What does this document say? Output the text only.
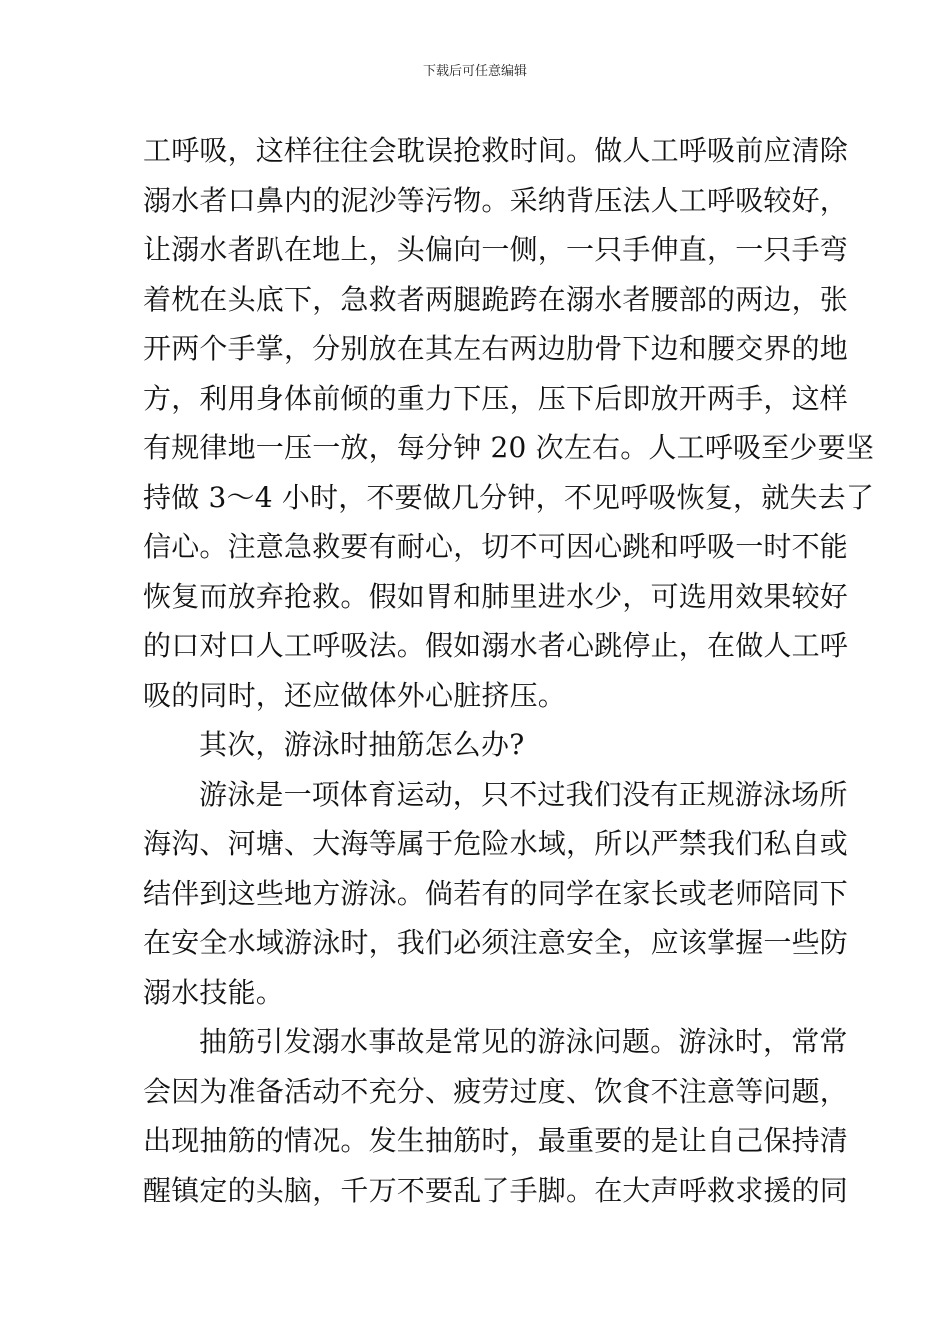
下载后可任意编辑
工呼吸，这样往往会耽误抢救时间。做人工呼吸前应清除
溺水者口鼻内的泥沙等污物。采纳背压法人工呼吸较好，
让溺水者趴在地上，头偏向一侧，一只手伸直，一只手弯
着枕在头底下，急救者两腿跪跨在溺水者腰部的两边，张
开两个手掌，分别放在其左右两边肋骨下边和腰交界的地
方，利用身体前倾的重力下压，压下后即放开两手，这样
有规律地一压一放，每分钟 20 次左右。人工呼吸至少要坚
持做 3～4 小时，不要做几分钟，不见呼吸恢复，就失去了
信心。注意急救要有耐心，切不可因心跳和呼吸一时不能
恢复而放弃抢救。假如胃和肺里进水少，可选用效果较好
的口对口人工呼吸法。假如溺水者心跳停止，在做人工呼
吸的同时，还应做体外心脏挤压。
其次，游泳时抽筋怎么办?
游泳是一项体育运动，只不过我们没有正规游泳场所
海沟、河塘、大海等属于危险水域，所以严禁我们私自或
结伴到这些地方游泳。倘若有的同学在家长或老师陪同下
在安全水域游泳时，我们必须注意安全，应该掌握一些防
溺水技能。
抽筋引发溺水事故是常见的游泳问题。游泳时，常常
会因为准备活动不充分、疲劳过度、饮食不注意等问题，
出现抽筋的情况。发生抽筋时，最重要的是让自己保持清
醒镇定的头脑，千万不要乱了手脚。在大声呼救求援的同
